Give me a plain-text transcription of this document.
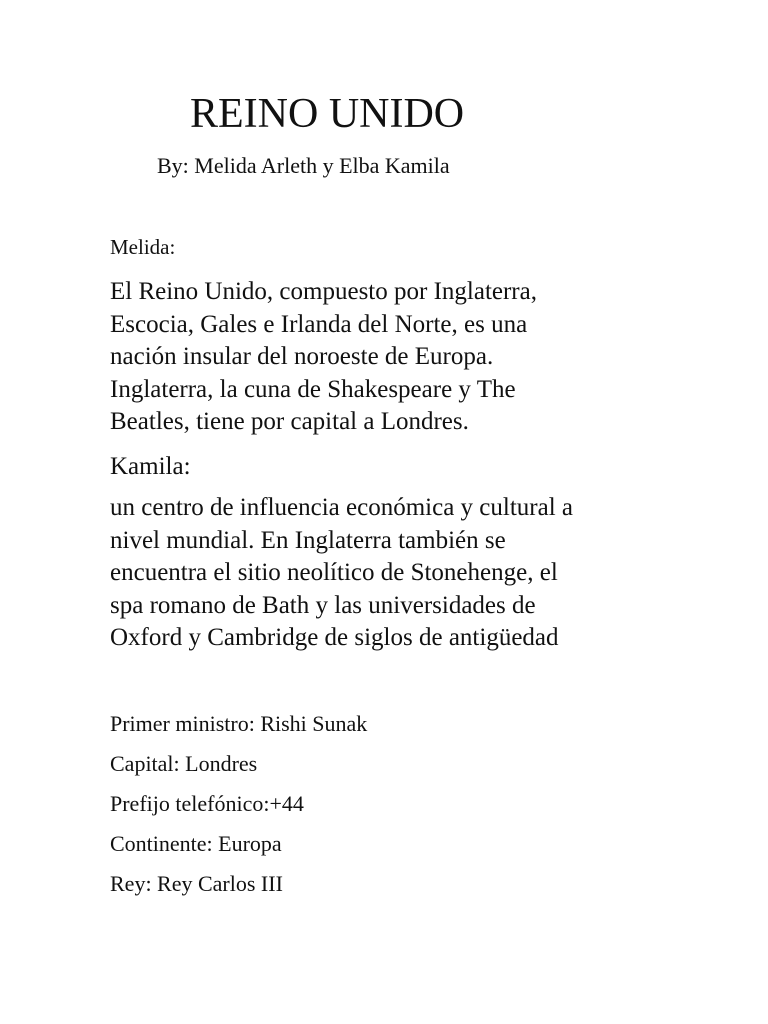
REINO UNIDO

By: Melida Arleth y Elba Kamila

Melida:

El Reino Unido, compuesto por Inglaterra,
Escocia, Gales e Irlanda del Norte, es una
nación insular del noroeste de Europa.
Inglaterra, la cuna de Shakespeare y The
Beatles, tiene por capital a Londres.

Kamila:

un centro de influencia económica y cultural a
nivel mundial. En Inglaterra también se
encuentra el sitio neolítico de Stonehenge, el
spa romano de Bath y las universidades de
Oxford y Cambridge de siglos de antigüedad

Primer ministro: Rishi Sunak
Capital: Londres
Prefijo telefónico:+44
Continente: Europa
Rey: Rey Carlos III
